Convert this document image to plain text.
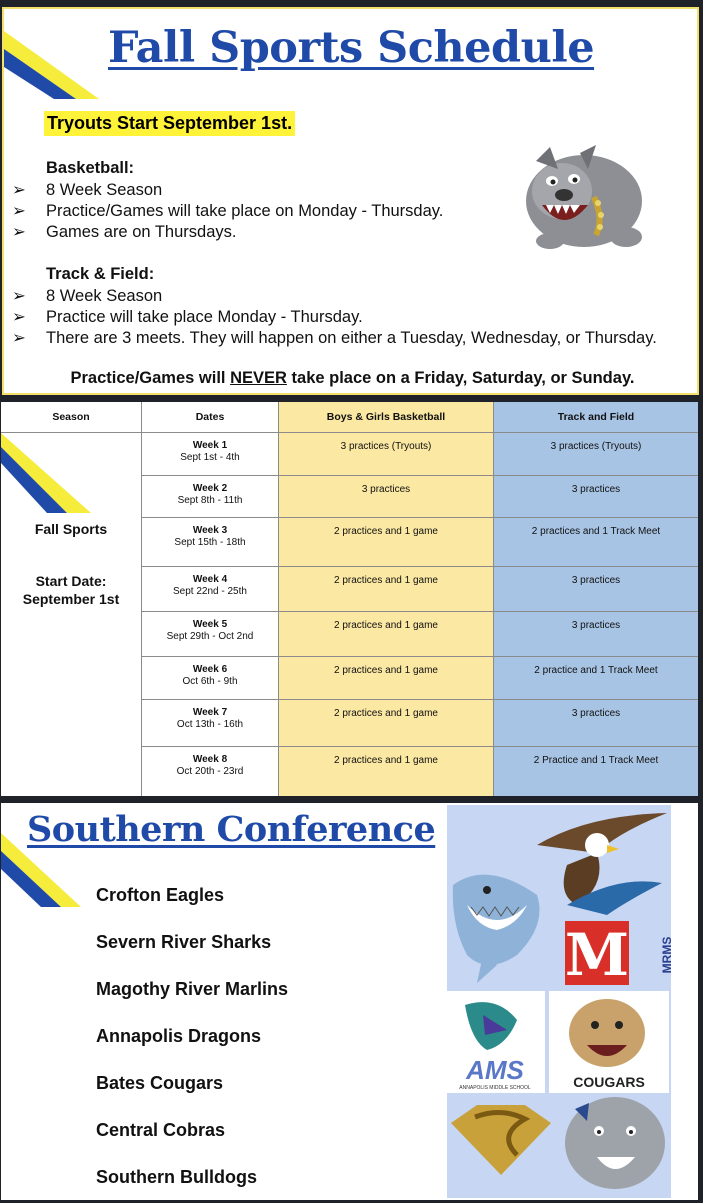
Fall Sports Schedule
Tryouts Start September 1st.
Basketball:
➢ 8 Week Season
➢ Practice/Games will take place on Monday - Thursday.
➢ Games are on Thursdays.
Track & Field:
➢ 8 Week Season
➢ Practice will take place Monday - Thursday.
➢ There are 3 meets. They will happen on either a Tuesday, Wednesday, or Thursday.
Practice/Games will NEVER take place on a Friday, Saturday, or Sunday.
Season	Dates	Boys & Girls Basketball	Track and Field
Fall Sports
Start Date:
September 1st
Week 1
Sept 1st - 4th
3 practices (Tryouts)	3 practices (Tryouts)
Week 2
Sept 8th - 11th
3 practices	3 practices
Week 3
Sept 15th - 18th
2 practices and 1 game	2 practices and 1 Track Meet
Week 4
Sept 22nd - 25th
2 practices and 1 game	3 practices
Week 5
Sept 29th - Oct 2nd
2 practices and 1 game	3 practices
Week 6
Oct 6th - 9th
2 practices and 1 game	2 practice and 1 Track Meet
Week 7
Oct 13th - 16th
2 practices and 1 game	3 practices
Week 8
Oct 20th - 23rd
2 practices and 1 game	2 Practice and 1 Track Meet
Southern Conference
Crofton Eagles
Severn River Sharks
Magothy River Marlins
Annapolis Dragons
Bates Cougars
Central Cobras
Southern Bulldogs
M	MRMS
AMS
ANNAPOLIS MIDDLE SCHOOL	COUGARS
